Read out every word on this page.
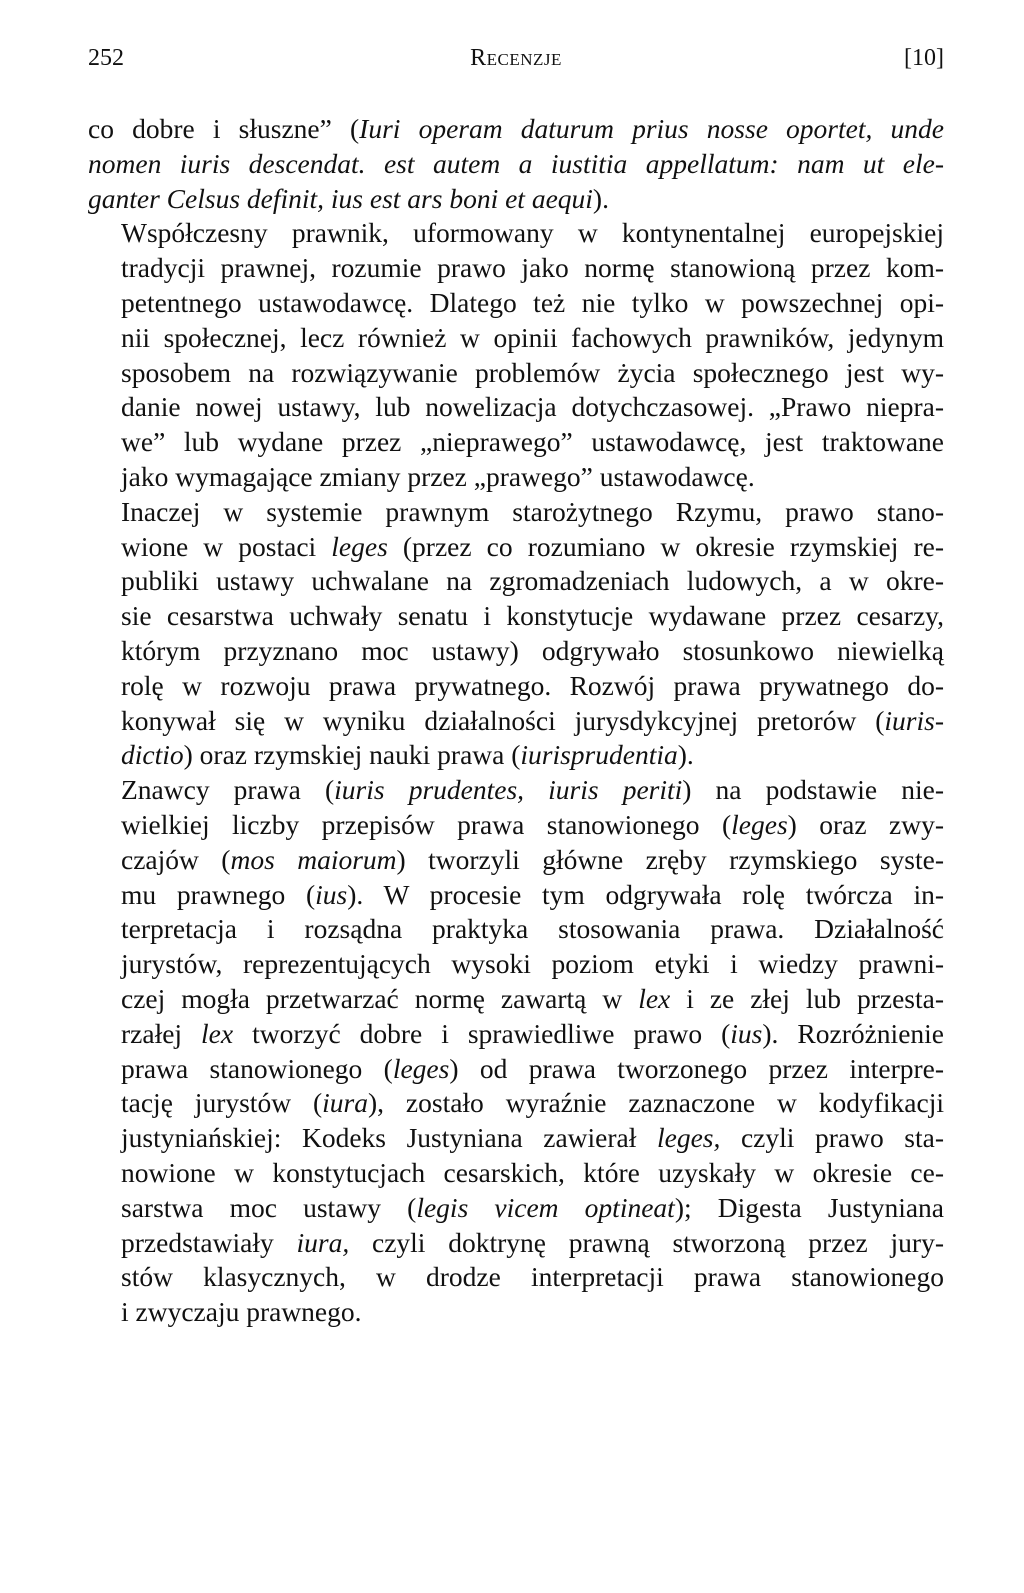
252	Recenzje	[10]

co dobre i słuszne” (Iuri operam daturum prius nosse oportet, unde
nomen iuris descendat. est autem a iustitia appellatum: nam ut ele-
ganter Celsus definit, ius est ars boni et aequi).

Współczesny prawnik, uformowany w kontynentalnej europejskiej
tradycji prawnej, rozumie prawo jako normę stanowioną przez kom-
petentnego ustawodawcę. Dlatego też nie tylko w powszechnej opi-
nii społecznej, lecz również w opinii fachowych prawników, jedynym
sposobem na rozwiązywanie problemów życia społecznego jest wy-
danie nowej ustawy, lub nowelizacja dotychczasowej. „Prawo niepra-
we” lub wydane przez „nieprawego” ustawodawcę, jest traktowane
jako wymagające zmiany przez „prawego” ustawodawcę.

Inaczej w systemie prawnym starożytnego Rzymu, prawo stano-
wione w postaci leges (przez co rozumiano w okresie rzymskiej re-
publiki ustawy uchwalane na zgromadzeniach ludowych, a w okre-
sie cesarstwa uchwały senatu i konstytucje wydawane przez cesarzy,
którym przyznano moc ustawy) odgrywało stosunkowo niewielką
rolę w rozwoju prawa prywatnego. Rozwój prawa prywatnego do-
konywał się w wyniku działalności jurysdykcyjnej pretorów (iuris-
dictio) oraz rzymskiej nauki prawa (iurisprudentia).

Znawcy prawa (iuris prudentes, iuris periti) na podstawie nie-
wielkiej liczby przepisów prawa stanowionego (leges) oraz zwy-
czajów (mos maiorum) tworzyli główne zręby rzymskiego syste-
mu prawnego (ius). W procesie tym odgrywała rolę twórcza in-
terpretacja i rozsądna praktyka stosowania prawa. Działalność
jurystów, reprezentujących wysoki poziom etyki i wiedzy prawni-
czej mogła przetwarzać normę zawartą w lex i ze złej lub przesta-
rzałej lex tworzyć dobre i sprawiedliwe prawo (ius). Rozróżnienie
prawa stanowionego (leges) od prawa tworzonego przez interpre-
tację jurystów (iura), zostało wyraźnie zaznaczone w kodyfikacji
justyniańskiej: Kodeks Justyniana zawierał leges, czyli prawo sta-
nowione w konstytucjach cesarskich, które uzyskały w okresie ce-
sarstwa moc ustawy (legis vicem optineat); Digesta Justyniana
przedstawiały iura, czyli doktrynę prawną stworzoną przez jury-
stów klasycznych, w drodze interpretacji prawa stanowionego
i zwyczaju prawnego.
